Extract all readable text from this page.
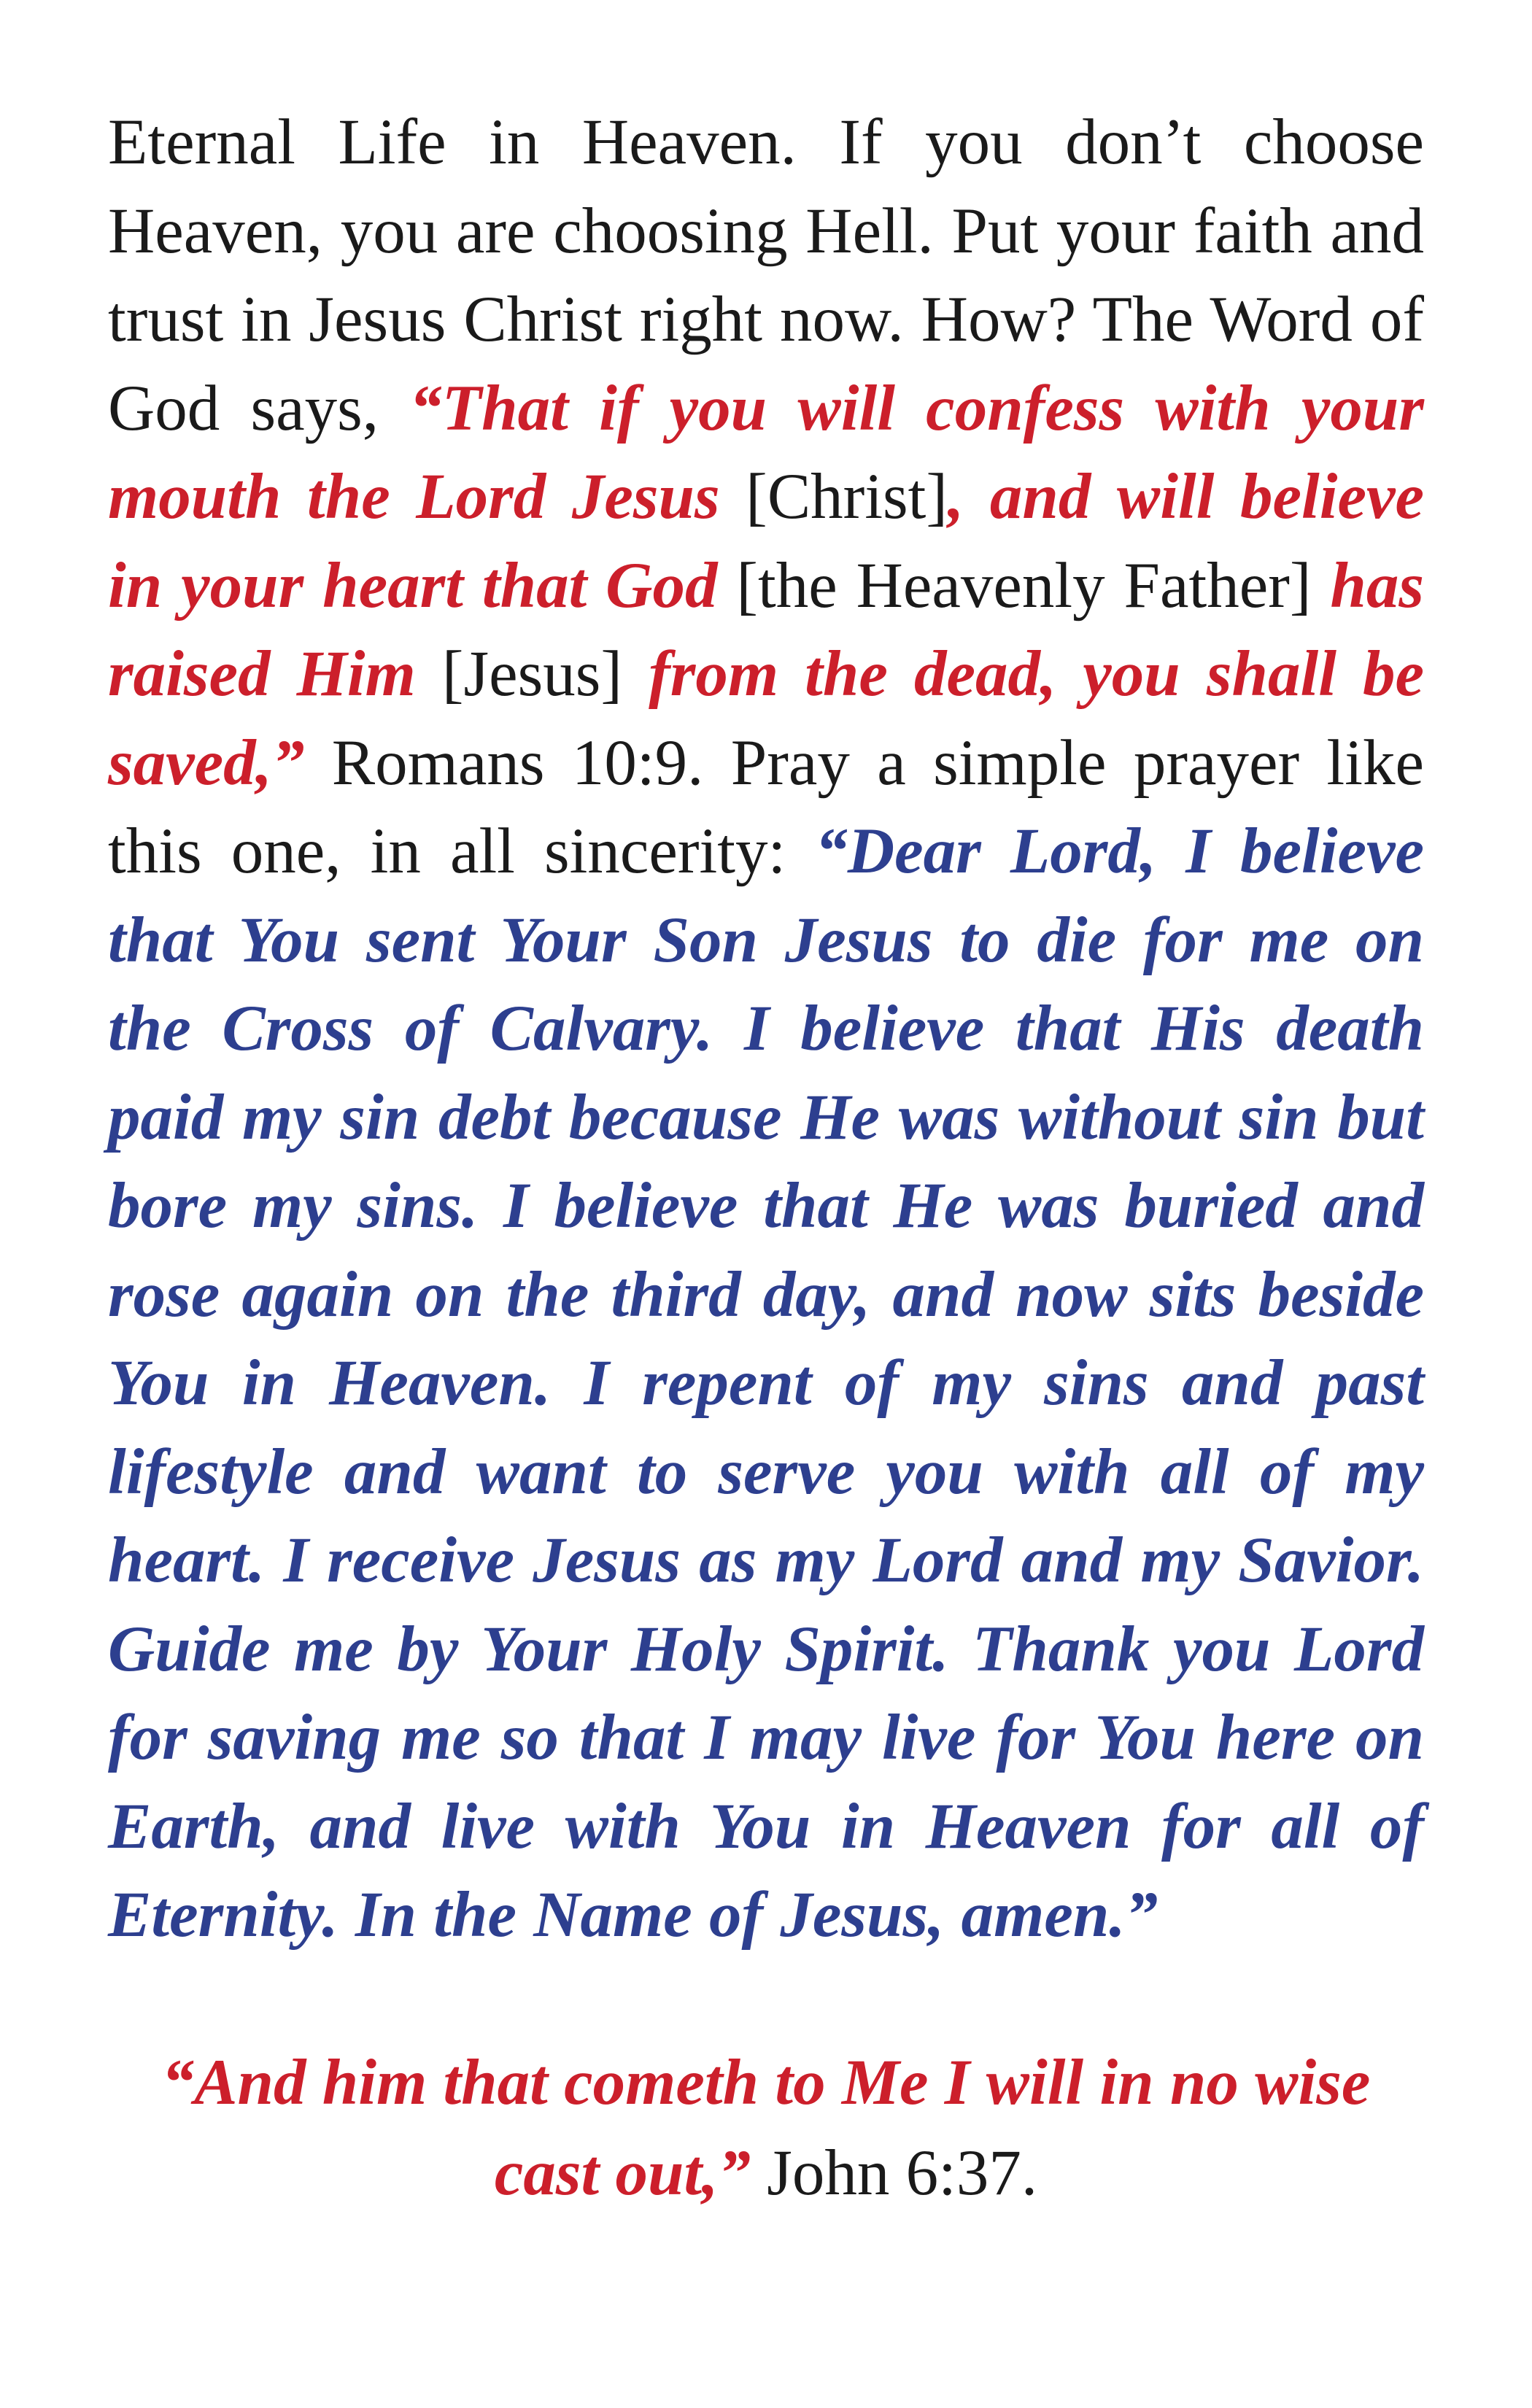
Eternal Life in Heaven. If you don’t choose Heaven, you are choosing Hell. Put your faith and trust in Jesus Christ right now. How? The Word of God says, “That if you will confess with your mouth the Lord Jesus [Christ], and will believe in your heart that God [the Heavenly Father] has raised Him [Jesus] from the dead, you shall be saved,” Romans 10:9. Pray a simple prayer like this one, in all sincerity: “Dear Lord, I believe that You sent Your Son Jesus to die for me on the Cross of Calvary. I believe that His death paid my sin debt because He was without sin but bore my sins. I believe that He was buried and rose again on the third day, and now sits beside You in Heaven. I repent of my sins and past lifestyle and want to serve you with all of my heart. I receive Jesus as my Lord and my Savior. Guide me by Your Holy Spirit. Thank you Lord for saving me so that I may live for You here on Earth, and live with You in Heaven for all of Eternity. In the Name of Jesus, amen.”

“And him that cometh to Me I will in no wise cast out,” John 6:37.
